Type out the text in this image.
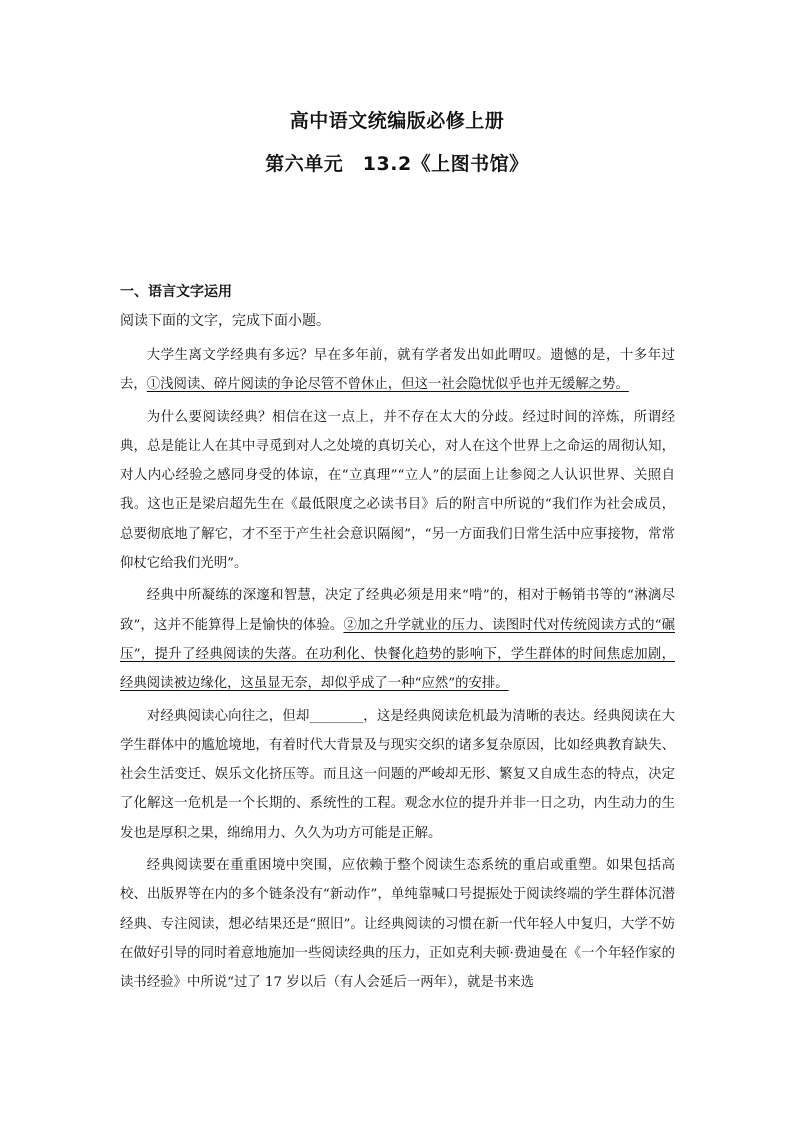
高中语文统编版必修上册
第六单元　13.2《上图书馆》
一、语言文字运用
阅读下面的文字，完成下面小题。

大学生离文学经典有多远？早在多年前，就有学者发出如此喟叹。遗憾的是，十多年过去，①浅阅读、碎片阅读的争论尽管不曾休止，但这一社会隐忧似乎也并无缓解之势。

为什么要阅读经典？相信在这一点上，并不存在太大的分歧。经过时间的淬炼，所谓经典，总是能让人在其中寻觅到对人之处境的真切关心，对人在这个世界上之命运的周彻认知，对人内心经验之感同身受的体谅，在“立真理”“立人”的层面上让参阅之人认识世界、关照自我。这也正是梁启超先生在《最低限度之必读书目》后的附言中所说的“我们作为社会成员，总要彻底地了解它，才不至于产生社会意识隔阂”，“另一方面我们日常生活中应事接物，常常仰杖它给我们光明”。

经典中所凝练的深邃和智慧，决定了经典必须是用来“啃”的，相对于畅销书等的“淋漓尽致”，这并不能算得上是愉快的体验。②加之升学就业的压力、读图时代对传统阅读方式的“碾压”，提升了经典阅读的失落。在功利化、快餐化趋势的影响下，学生群体的时间焦虑加剧，经典阅读被边缘化，这虽显无奈，却似乎成了一种“应然”的安排。

对经典阅读心向往之，但却________，这是经典阅读危机最为清晰的表达。经典阅读在大学生群体中的尴尬境地，有着时代大背景及与现实交织的诸多复杂原因，比如经典教育缺失、社会生活变迁、娱乐文化挤压等。而且这一问题的严峻却无形、繁复又自成生态的特点，决定了化解这一危机是一个长期的、系统性的工程。观念水位的提升并非一日之功，内生动力的生发也是厚积之果，绵绵用力、久久为功方可能是正解。

经典阅读要在重重困境中突围，应依赖于整个阅读生态系统的重启或重塑。如果包括高校、出版界等在内的多个链条没有“新动作”，单纯靠喊口号提振处于阅读终端的学生群体沉潜经典、专注阅读，想必结果还是“照旧”。让经典阅读的习惯在新一代年轻人中复归，大学不妨在做好引导的同时着意地施加一些阅读经典的压力，正如克利夫顿·费迪曼在《一个年轻作家的读书经验》中所说“过了 17 岁以后（有人会延后一两年），就是书来选
